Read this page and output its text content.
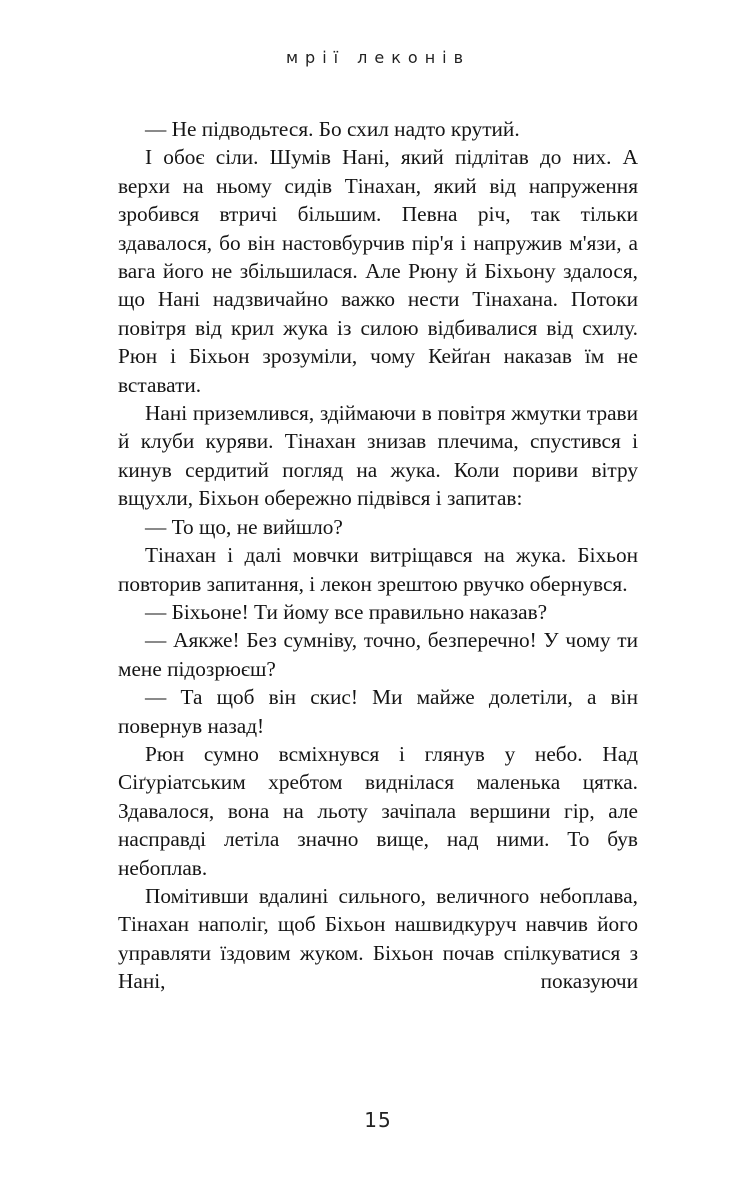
мрії леконів

— Не підводьтеся. Бо схил надто крутий.

І обоє сіли. Шумів Нані, який підлітав до них. А верхи на ньому сидів Тінахан, який від напруження зробився втричі більшим. Певна річ, так тільки здавалося, бо він настовбурчив пір'я і напружив м'язи, а вага його не збільшилася. Але Рюну й Біхьону здалося, що Нані надзвичайно важко нести Тінахана. Потоки повітря від крил жука із силою відбивалися від схилу. Рюн і Біхьон зрозуміли, чому Кейґан наказав їм не вставати.

Нані приземлився, здіймаючи в повітря жмутки трави й клуби куряви. Тінахан знизав плечима, спустився і кинув сердитий погляд на жука. Коли пориви вітру вщухли, Біхьон обережно підвівся і запитав:

— То що, не вийшло?

Тінахан і далі мовчки витріщався на жука. Біхьон повторив запитання, і лекон зрештою рвучко обернувся.

— Біхьоне! Ти йому все правильно наказав?

— Аякже! Без сумніву, точно, безперечно! У чому ти мене підозрюєш?

— Та щоб він скис! Ми майже долетіли, а він повернув назад!

Рюн сумно всміхнувся і глянув у небо. Над Сіґуріатським хребтом виднілася маленька цятка. Здавалося, вона на льоту зачіпала вершини гір, але насправді летіла значно вище, над ними. То був небоплав.

Помітивши вдалині сильного, величного небоплава, Тінахан наполіг, щоб Біхьон нашвидкуруч навчив його управляти їздовим жуком. Біхьон почав спілкуватися з Нані, показуючи

15
